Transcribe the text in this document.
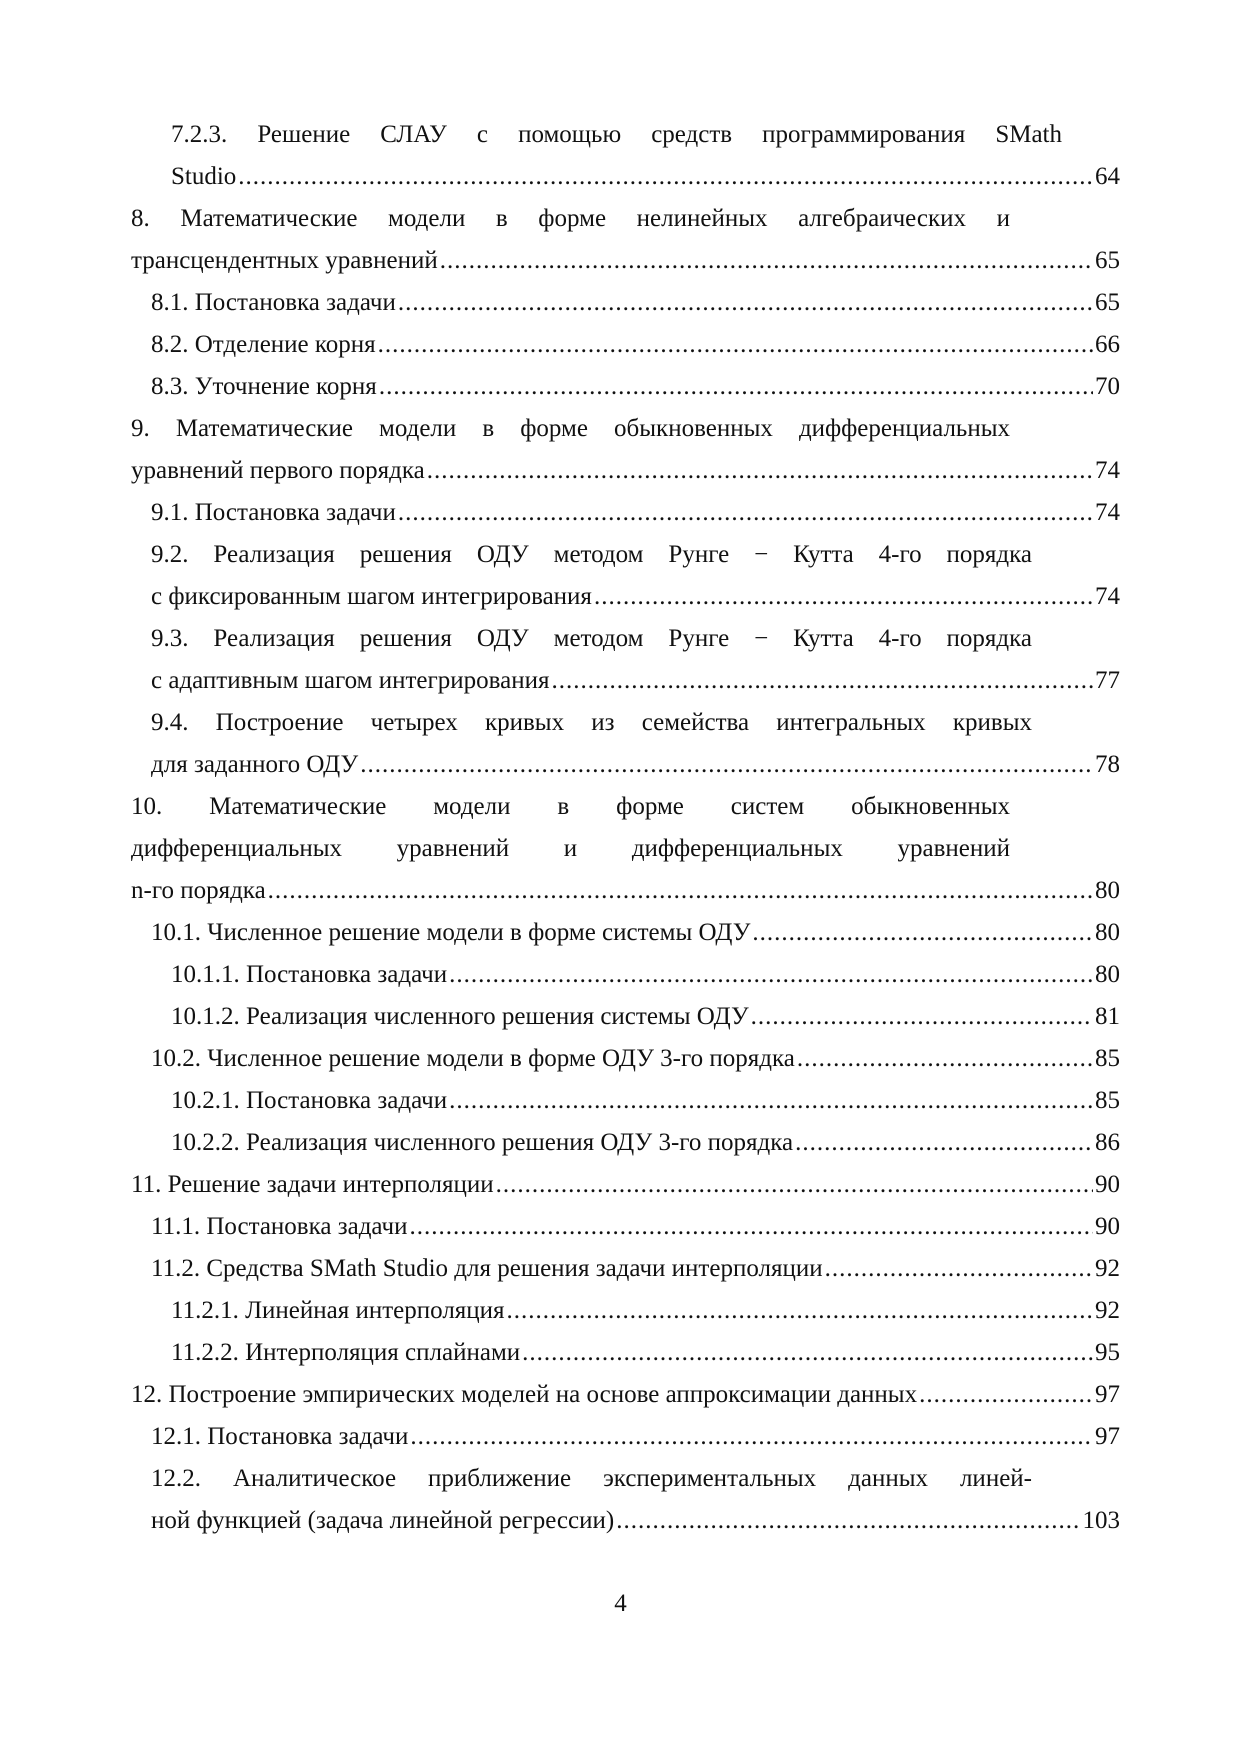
7.2.3. Решение СЛАУ с помощью средств программирования SMath
Studio .....	64
8. Математические модели в форме нелинейных алгебраических и
трансцендентных уравнений .....	65
8.1. Постановка задачи .....	65
8.2. Отделение корня .....	66
8.3. Уточнение корня .....	70
9. Математические модели в форме обыкновенных дифференциальных
уравнений первого порядка .....	74
9.1. Постановка задачи .....	74
9.2. Реализация решения ОДУ методом Рунге − Кутта 4-го порядка
с фиксированным шагом интегрирования .....	74
9.3. Реализация решения ОДУ методом Рунге − Кутта 4-го порядка
с адаптивным шагом интегрирования .....	77
9.4. Построение четырех кривых из семейства интегральных кривых
для заданного ОДУ .....	78
10. Математические модели в форме систем обыкновенных
дифференциальных уравнений и дифференциальных уравнений
n-го порядка .....	80
10.1. Численное решение модели в форме системы ОДУ .....	80
10.1.1. Постановка задачи .....	80
10.1.2. Реализация численного решения системы ОДУ .....	81
10.2. Численное решение модели в форме ОДУ 3-го порядка .....	85
10.2.1. Постановка задачи .....	85
10.2.2. Реализация численного решения ОДУ 3-го порядка .....	86
11. Решение задачи интерполяции .....	90
11.1. Постановка задачи .....	90
11.2. Средства SMath Studio для решения задачи интерполяции .....	92
11.2.1. Линейная интерполяция .....	92
11.2.2. Интерполяция сплайнами .....	95
12. Построение эмпирических моделей на основе аппроксимации данных .....	97
12.1. Постановка задачи .....	97
12.2. Аналитическое приближение экспериментальных данных линей-
ной функцией (задача линейной регрессии) .....	103
4
